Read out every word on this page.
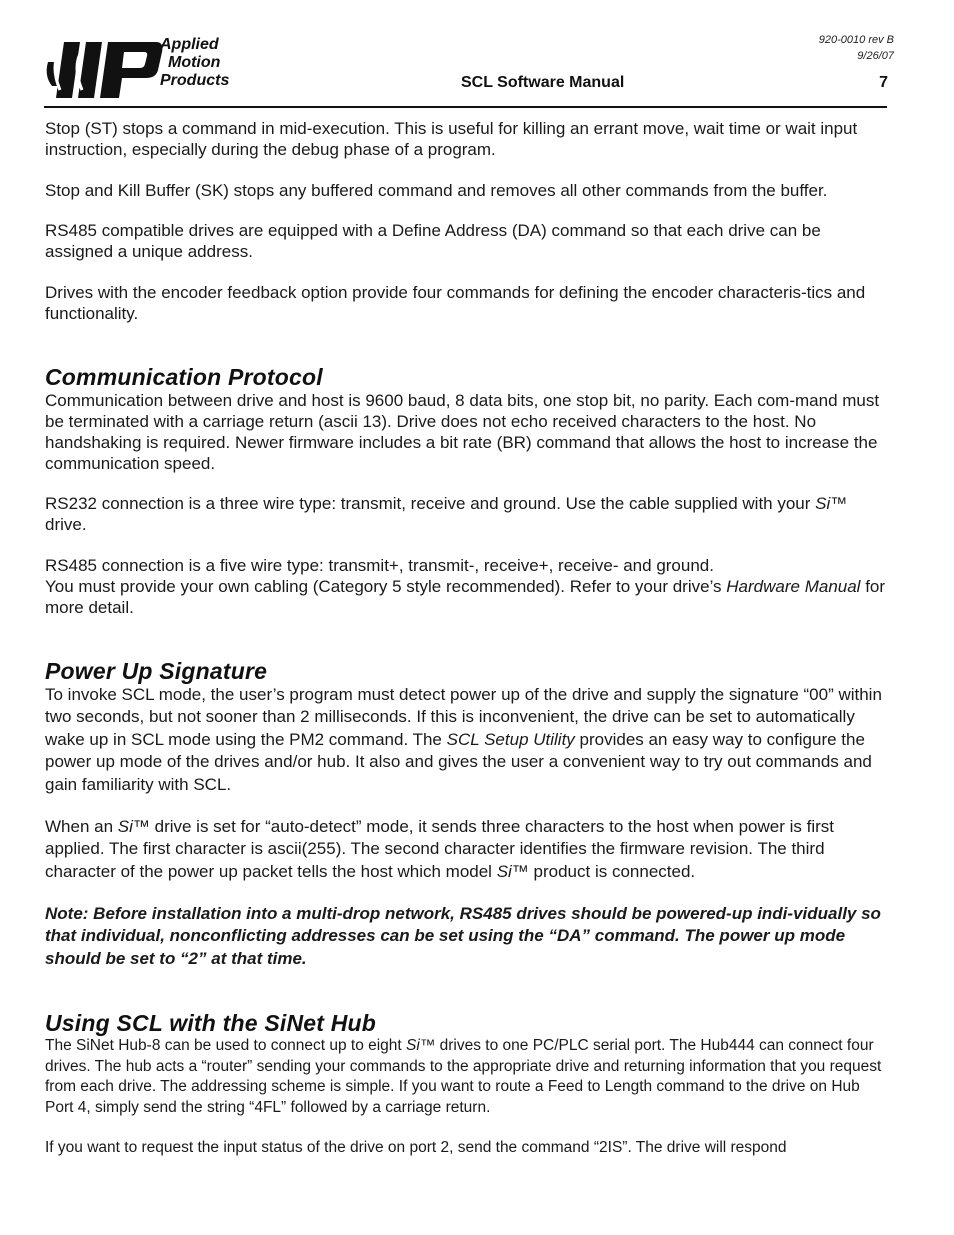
Applied
Motion
Products
920-0010 rev B
9/26/07
SCL Software Manual	7

Stop (ST) stops a command in mid-execution. This is useful for killing an errant move, wait time or wait input instruction, especially during the debug phase of a program.

Stop and Kill Buffer (SK) stops any buffered command and removes all other commands from the buffer.

RS485 compatible drives are equipped with a Define Address (DA) command so that each drive can be assigned a unique address.

Drives with the encoder feedback option provide four commands for defining the encoder characteris-tics and functionality.

Communication Protocol

Communication between drive and host is 9600 baud, 8 data bits, one stop bit, no parity. Each com-mand must be terminated with a carriage return (ascii 13). Drive does not echo received characters to the host. No handshaking is required. Newer firmware includes a bit rate (BR) command that allows the host to increase the communication speed.

RS232 connection is a three wire type: transmit, receive and ground. Use the cable supplied with your Si™ drive.

RS485 connection is a five wire type: transmit+, transmit-, receive+, receive- and ground.
You must provide your own cabling (Category 5 style recommended). Refer to your drive’s Hardware Manual for more detail.

Power Up Signature

To invoke SCL mode, the user’s program must detect power up of the drive and supply the signature “00” within two seconds, but not sooner than 2 milliseconds. If this is inconvenient, the drive can be set to automatically wake up in SCL mode using the PM2 command. The SCL Setup Utility provides an easy way to configure the power up mode of the drives and/or hub. It also and gives the user a convenient way to try out commands and gain familiarity with SCL.

When an Si™ drive is set for “auto-detect” mode, it sends three characters to the host when power is first applied. The first character is ascii(255). The second character identifies the firmware revision. The third character of the power up packet tells the host which model Si™ product is connected.

Note: Before installation into a multi-drop network, RS485 drives should be powered-up indi-vidually so that individual, nonconflicting addresses can be set using the “DA” command. The power up mode should be set to “2” at that time.

Using SCL with the SiNet Hub

The SiNet Hub-8 can be used to connect up to eight Si™ drives to one PC/PLC serial port. The Hub444 can connect four drives. The hub acts a “router” sending your commands to the appropriate drive and returning information that you request from each drive. The addressing scheme is simple. If you want to route a Feed to Length command to the drive on Hub Port 4, simply send the string “4FL” followed by a carriage return.

If you want to request the input status of the drive on port 2, send the command “2IS”. The drive will respond
